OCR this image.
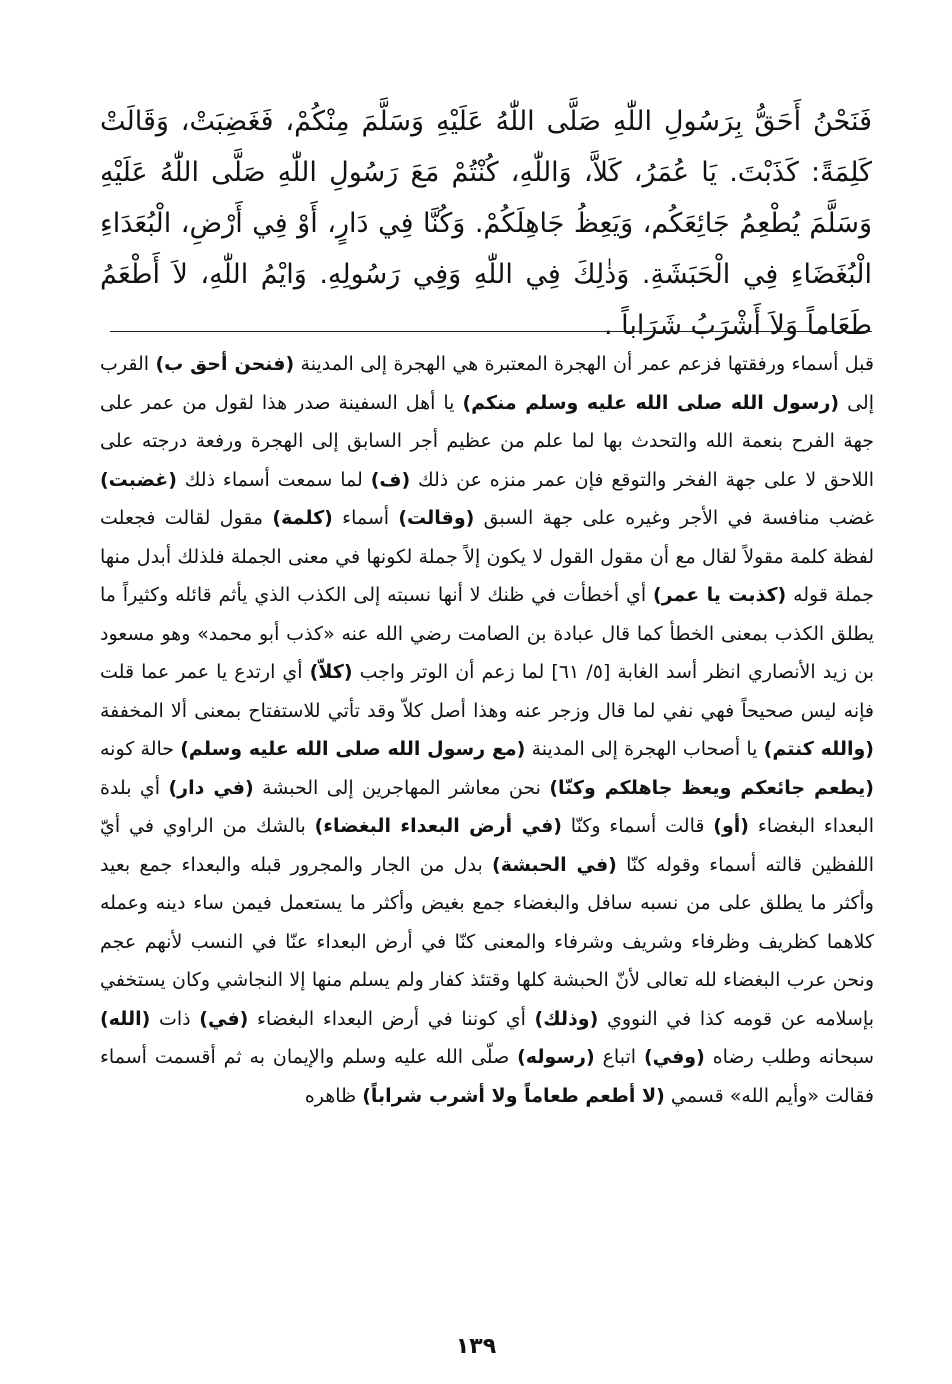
فَنَحْنُ أَحَقُّ بِرَسُولِ اللّٰهِ صَلَّى اللّٰهُ عَلَيْهِ وَسَلَّمَ مِنْكُمْ، فَغَضِبَتْ، وَقَالَتْ كَلِمَةً: كَذَبْتَ. يَا عُمَرُ، كَلاَّ، وَاللّٰهِ، كُنْتُمْ مَعَ رَسُولِ اللّٰهِ صَلَّى اللّٰهُ عَلَيْهِ وَسَلَّمَ يُطْعِمُ جَائِعَكُم، وَيَعِظُ جَاهِلَكُمْ. وَكُنَّا فِي دَارٍ، أَوْ فِي أَرْضِ، الْبُعَدَاءِ الْبُغَضَاءِ فِي الْحَبَشَةِ. وَذٰلِكَ فِي اللّٰهِ وَفِي رَسُولِهِ. وَايْمُ اللّٰهِ، لاَ أَطْعَمُ طَعَاماً وَلاَ أَشْرَبُ شَرَاباً .

قبل أسماء ورفقتها فزعم عمر أن الهجرة المعتبرة هي الهجرة إلى المدينة (فنحن أحق ب) القرب إلى (رسول الله صلى الله عليه وسلم منكم) يا أهل السفينة صدر هذا لقول من عمر على جهة الفرح بنعمة الله والتحدث بها لما علم من عظيم أجر السابق إلى الهجرة ورفعة درجته على اللاحق لا على جهة الفخر والتوقع فإن عمر منزه عن ذلك (ف) لما سمعت أسماء ذلك (غضبت) غضب منافسة في الأجر وغيره على جهة السبق (وقالت) أسماء (كلمة) مقول لقالت فجعلت لفظة كلمة مقولاً لقال مع أن مقول القول لا يكون إلاً جملة لكونها في معنى الجملة فلذلك أبدل منها جملة قوله (كذبت يا عمر) أي أخطأت في ظنك لا أنها نسبته إلى الكذب الذي يأثم قائله وكثيراً ما يطلق الكذب بمعنى الخطأ كما قال عبادة بن الصامت رضي الله عنه «كذب أبو محمد» وهو مسعود بن زيد الأنصاري انظر أسد الغابة [٥/ ٦١] لما زعم أن الوتر واجب (كلاّ) أي ارتدع يا عمر عما قلت فإنه ليس صحيحاً فهي نفي لما قال وزجر عنه وهذا أصل كلاّ وقد تأتي للاستفتاح بمعنى ألا المخففة (والله كنتم) يا أصحاب الهجرة إلى المدينة (مع رسول الله صلى الله عليه وسلم) حالة كونه (يطعم جائعكم ويعظ جاهلكم وكنّا) نحن معاشر المهاجرين إلى الحبشة (في دار) أي بلدة البعداء البغضاء (أو) قالت أسماء وكنّا (في أرض البعداء البغضاء) بالشك من الراوي في أيّ اللفظين قالته أسماء وقوله كنّا (في الحبشة) بدل من الجار والمجرور قبله والبعداء جمع بعيد وأكثر ما يطلق على من نسبه سافل والبغضاء جمع بغيض وأكثر ما يستعمل فيمن ساء دينه وعمله كلاهما كظريف وظرفاء وشريف وشرفاء والمعنى كنّا في أرض البعداء عنّا في النسب لأنهم عجم ونحن عرب البغضاء لله تعالى لأنّ الحبشة كلها وقتئذ كفار ولم يسلم منها إلا النجاشي وكان يستخفي بإسلامه عن قومه كذا في النووي (وذلك) أي كوننا في أرض البعداء البغضاء (في) ذات (الله) سبحانه وطلب رضاه (وفي) اتباع (رسوله) صلّى الله عليه وسلم والإيمان به ثم أقسمت أسماء فقالت «وأيم الله» قسمي (لا أطعم طعاماً ولا أشرب شراباً) ظاهره

١٣٩
